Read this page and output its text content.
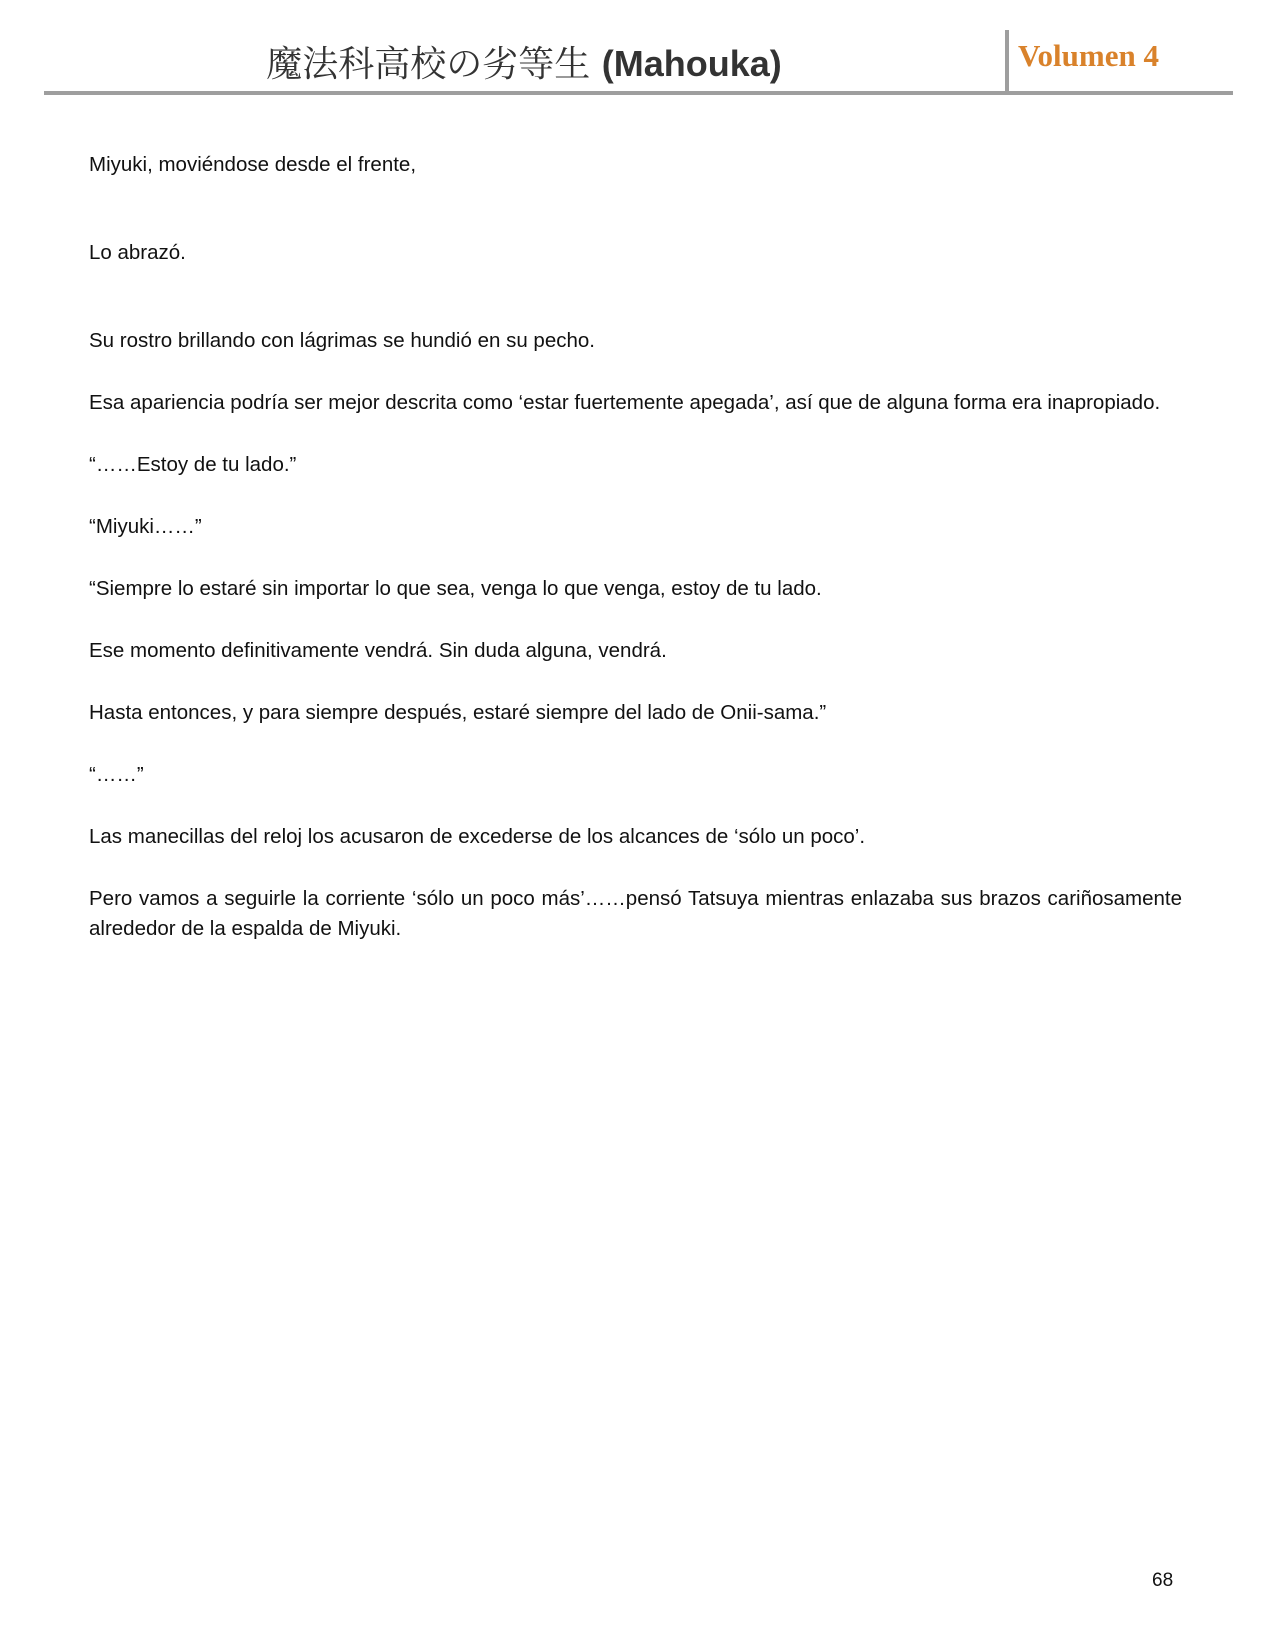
魔法科高校の劣等生 (Mahouka)	Volumen 4

Miyuki, moviéndose desde el frente,

Lo abrazó.

Su rostro brillando con lágrimas se hundió en su pecho.

Esa apariencia podría ser mejor descrita como ‘estar fuertemente apegada’, así que de alguna forma era inapropiado.

“……Estoy de tu lado.”

“Miyuki……”

“Siempre lo estaré sin importar lo que sea, venga lo que venga, estoy de tu lado.

Ese momento definitivamente vendrá. Sin duda alguna, vendrá.

Hasta entonces, y para siempre después, estaré siempre del lado de Onii-sama.”

“……”

Las manecillas del reloj los acusaron de excederse de los alcances de ‘sólo un poco’.

Pero vamos a seguirle la corriente ‘sólo un poco más’……pensó Tatsuya mientras enlazaba sus brazos cariñosamente alrededor de la espalda de Miyuki.

68
